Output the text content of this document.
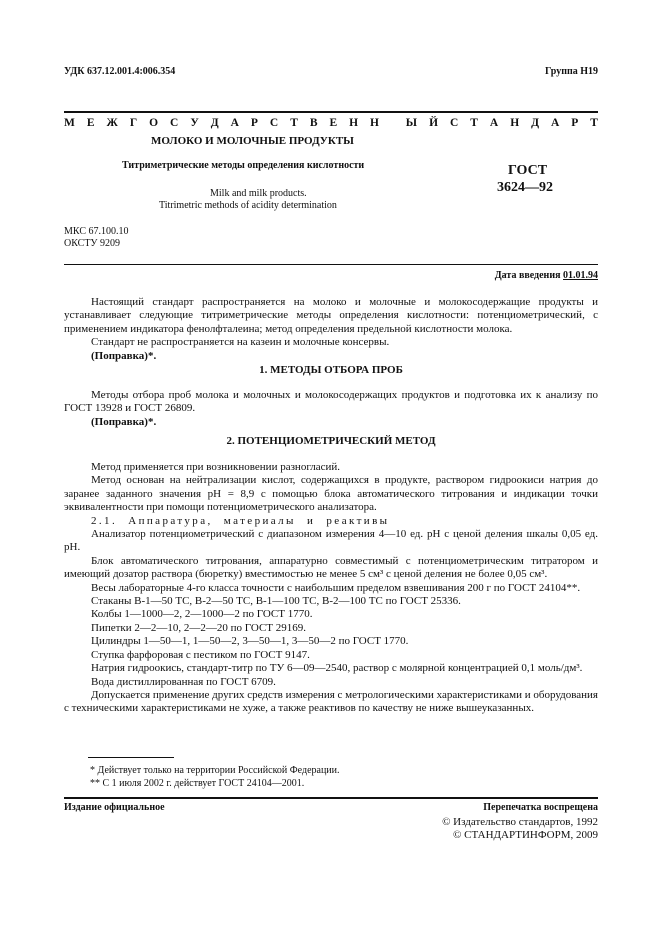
УДК 637.12.001.4:006.354	Группа Н19

М Е Ж Г О С У Д А Р С Т В Е Н Н
Ы Й С Т А Н Д А Р Т

МОЛОКО И МОЛОЧНЫЕ ПРОДУКТЫ
Титриметрические методы определения кислотности
Milk and milk products.
Titrimetric methods of acidity determination
ГОСТ
3624—92
МКС 67.100.10
ОКСТУ 9209
Дата введения 01.01.94

Настоящий стандарт распространяется на молоко и молочные и молокосодержащие продукты и устанавливает следующие титриметрические методы определения кислотности: потенциометрический, с применением индикатора фенолфталеина; метод определения предельной кислотности молока.

Стандарт не распространяется на казеин и молочные консервы.

(Поправка)*.

1. МЕТОДЫ ОТБОРА ПРОБ

Методы отбора проб молока и молочных и молокосодержащих продуктов и подготовка их к анализу по ГОСТ 13928 и ГОСТ 26809.

(Поправка)*.

2. ПОТЕНЦИОМЕТРИЧЕСКИЙ МЕТОД

Метод применяется при возникновении разногласий.

Метод основан на нейтрализации кислот, содержащихся в продукте, раствором гидроокиси натрия до заранее заданного значения pH = 8,9 с помощью блока автоматического титрования и индикации точки эквивалентности при помощи потенциометрического анализатора.

2.1. Аппаратура, материалы и реактивы

Анализатор потенциометрический с диапазоном измерения 4—10 ед. pH с ценой деления шкалы 0,05 ед. pH.

Блок автоматического титрования, аппаратурно совместимый с потенциометрическим титратором и имеющий дозатор раствора (бюретку) вместимостью не менее 5 см³ с ценой деления не более 0,05 см³.

Весы лабораторные 4-го класса точности с наибольшим пределом взвешивания 200 г по ГОСТ 24104**.

Стаканы В-1—50 ТС, В-2—50 ТС, В-1—100 ТС, В-2—100 ТС по ГОСТ 25336.

Колбы 1—1000—2, 2—1000—2 по ГОСТ 1770.

Пипетки 2—2—10, 2—2—20 по ГОСТ 29169.

Цилиндры 1—50—1, 1—50—2, 3—50—1, 3—50—2 по ГОСТ 1770.

Ступка фарфоровая с пестиком по ГОСТ 9147.

Натрия гидроокись, стандарт-титр по ТУ 6—09—2540, раствор с молярной концентрацией 0,1 моль/дм³.

Вода дистиллированная по ГОСТ 6709.

Допускается применение других средств измерения с метрологическими характеристиками и оборудования с техническими характеристиками не хуже, а также реактивов по качеству не ниже вышеуказанных.

* Действует только на территории Российской Федерации.
** С 1 июля 2002 г. действует ГОСТ 24104—2001.
Издание официальное	Перепечатка воспрещена
© Издательство стандартов, 1992
© СТАНДАРТИНФОРМ, 2009
